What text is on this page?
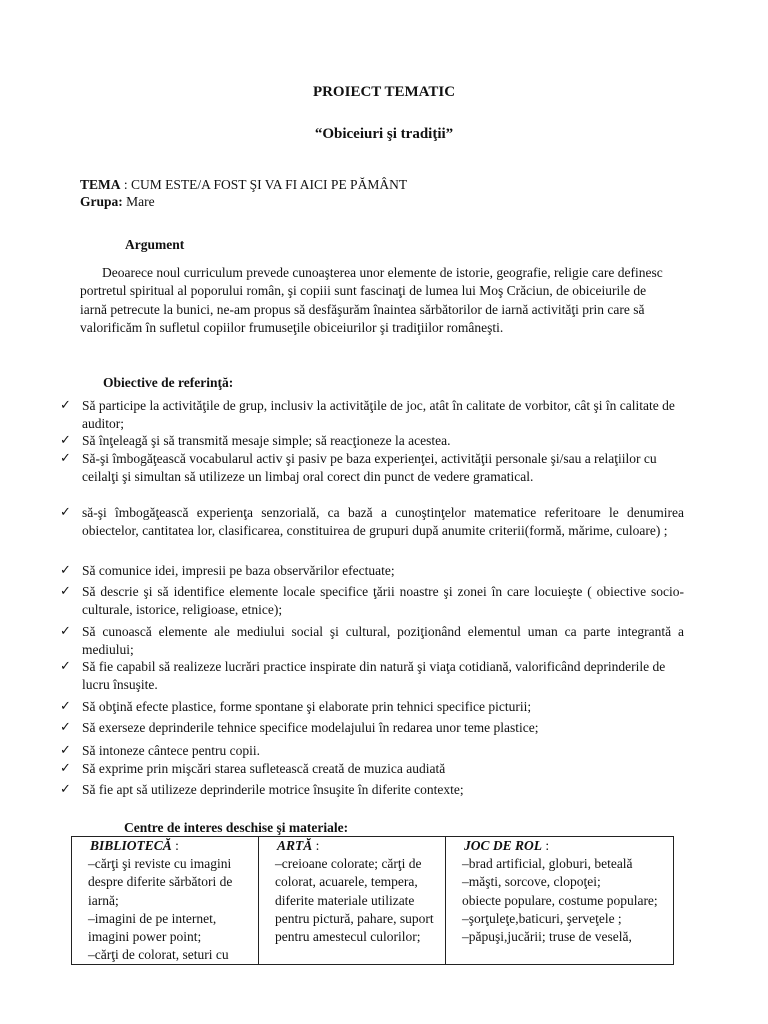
PROIECT TEMATIC
“Obiceiuri şi tradiţii”
TEMA : CUM ESTE/A FOST ŞI VA FI AICI PE PĂMÂNT
Grupa: Mare
Argument
Deoarece noul curriculum prevede cunoaşterea unor elemente de istorie, geografie, religie care definesc portretul spiritual al poporului român, şi copiii sunt fascinaţi de lumea lui Moş Crăciun, de obiceiurile de iarnă petrecute la bunici, ne-am propus să desfăşurăm înaintea sărbătorilor de iarnă activităţi prin care să valorificăm în sufletul copiilor frumuseţile obiceiurilor şi tradiţiilor româneşti.
Obiective de referinţă:
✓ Să participe la activităţile de grup, inclusiv la activităţile de joc, atât în calitate de vorbitor, cât şi în calitate de auditor;
✓ Să înţeleagă şi să transmită mesaje simple; să reacţioneze la acestea.
✓ Să-şi îmbogăţească vocabularul activ şi pasiv pe baza experienţei, activităţii personale şi/sau a relaţiilor cu ceilalţi şi simultan să utilizeze un limbaj oral corect din punct de vedere gramatical.
✓ să-şi îmbogăţească experienţa senzorială, ca bază a cunoştinţelor matematice referitoare le denumirea obiectelor, cantitatea lor, clasificarea, constituirea de grupuri după anumite criterii(formă, mărime, culoare) ;
✓ Să comunice idei, impresii pe baza observărilor efectuate;
✓ Să descrie şi să identifice elemente locale specifice ţării noastre şi zonei în care locuieşte ( obiective socio-culturale, istorice, religioase, etnice);
✓ Să cunoască elemente ale mediului social şi cultural, poziţionând elementul uman ca parte integrantă a mediului;
✓ Să fie capabil să realizeze lucrări practice inspirate din natură şi viaţa cotidiană, valorificând deprinderile de lucru însuşite.
✓ Să obţină efecte plastice, forme spontane şi elaborate prin tehnici specifice picturii;
✓ Să exerseze deprinderile tehnice specifice modelajului în redarea unor teme plastice;
✓ Să intoneze cântece pentru copii.
✓ Să exprime prin mişcări starea sufletească creată de muzica audiată
✓ Să fie apt să utilizeze deprinderile motrice însuşite în diferite contexte;
Centre de interes deschise şi materiale:
BIBLIOTECĂ :
–cărţi şi reviste cu imagini despre diferite sărbători de iarnă;
–imagini de pe internet, imagini power point;
–cărţi de colorat, seturi cu

ARTĂ :
–creioane colorate; cărţi de colorat, acuarele, tempera, diferite materiale utilizate pentru pictură, pahare, suport pentru amestecul culorilor;

JOC DE ROL :
–brad artificial, globuri, beteală
–măşti, sorcove, clopoţei;
obiecte populare, costume populare;
–şorţuleţe,baticuri, şerveţele ;
–păpuşi,jucării; truse de veselă,
